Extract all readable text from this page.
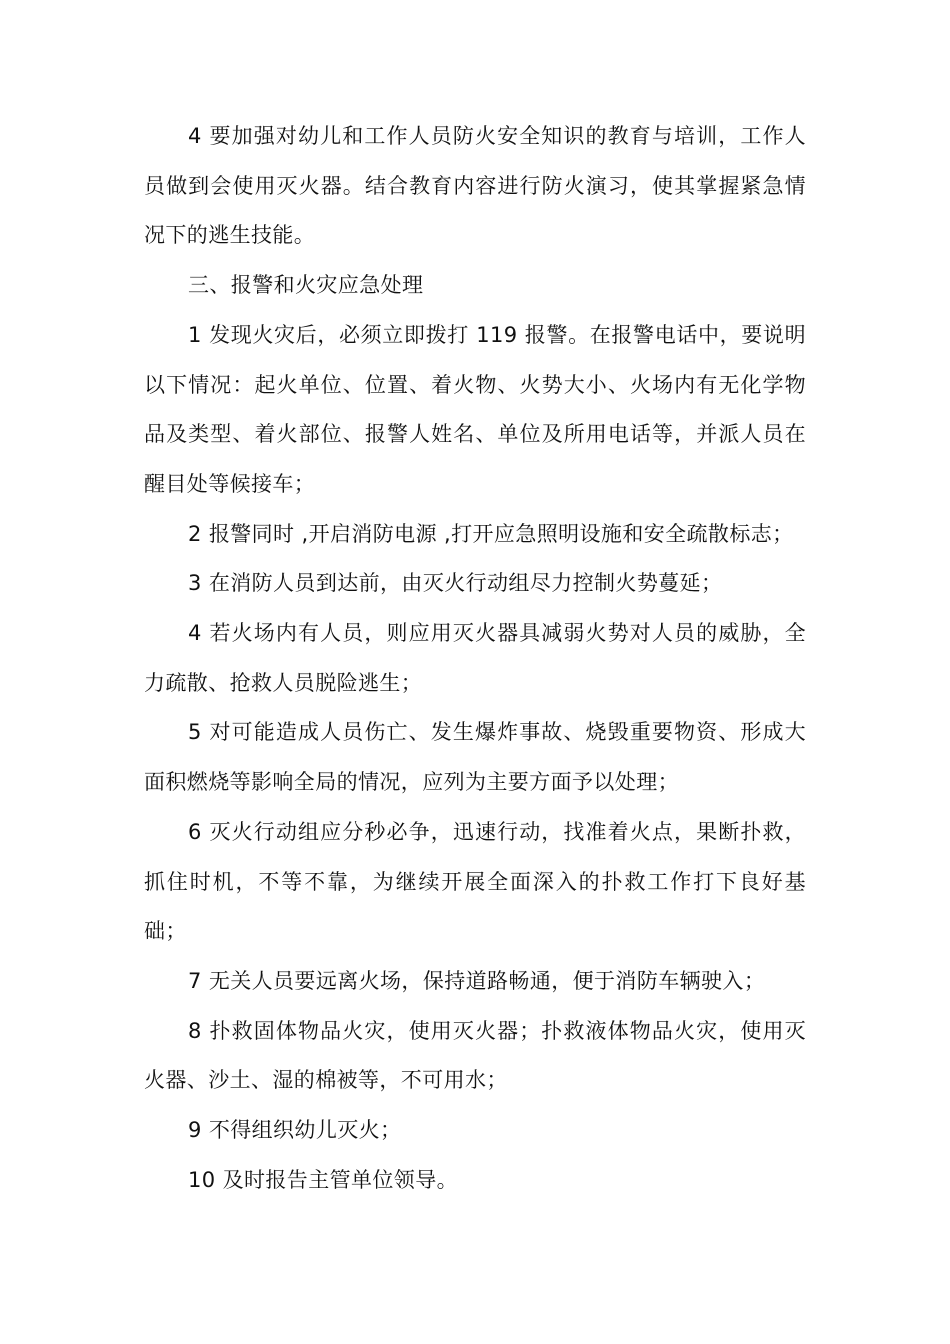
4 要加强对幼儿和工作人员防火安全知识的教育与培训，工作人员做到会使用灭火器。结合教育内容进行防火演习，使其掌握紧急情况下的逃生技能。

三、报警和火灾应急处理

1 发现火灾后，必须立即拨打 119 报警。在报警电话中，要说明以下情况：起火单位、位置、着火物、火势大小、火场内有无化学物品及类型、着火部位、报警人姓名、单位及所用电话等，并派人员在醒目处等候接车；

2 报警同时 ,开启消防电源 ,打开应急照明设施和安全疏散标志；

3 在消防人员到达前，由灭火行动组尽力控制火势蔓延；

4 若火场内有人员，则应用灭火器具减弱火势对人员的威胁，全力疏散、抢救人员脱险逃生；

5 对可能造成人员伤亡、发生爆炸事故、烧毁重要物资、形成大面积燃烧等影响全局的情况，应列为主要方面予以处理；

6 灭火行动组应分秒必争，迅速行动，找准着火点，果断扑救，抓住时机，不等不靠，为继续开展全面深入的扑救工作打下良好基础；

7 无关人员要远离火场，保持道路畅通，便于消防车辆驶入；

8 扑救固体物品火灾，使用灭火器；扑救液体物品火灾，使用灭火器、沙土、湿的棉被等，不可用水；

9 不得组织幼儿灭火；

10 及时报告主管单位领导。
